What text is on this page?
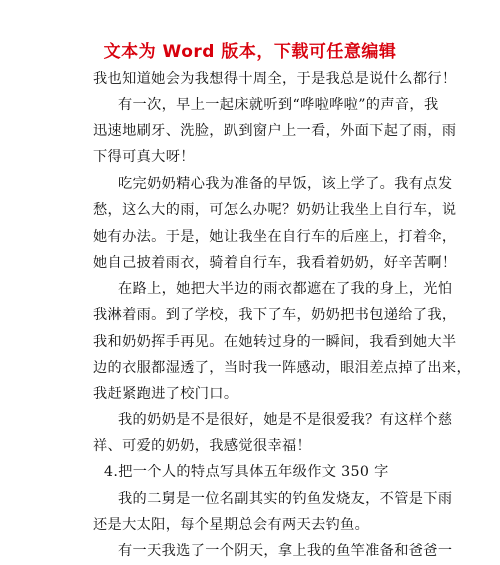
文本为 Word 版本，下载可任意编辑
我也知道她会为我想得十周全，于是我总是说什么都行！
有一次，早上一起床就听到“哗啦哗啦”的声音，我
迅速地刷牙、洗脸，趴到窗户上一看，外面下起了雨，雨
下得可真大呀！
吃完奶奶精心我为准备的早饭，该上学了。我有点发
愁，这么大的雨，可怎么办呢？奶奶让我坐上自行车，说
她有办法。于是，她让我坐在自行车的后座上，打着伞，
她自己披着雨衣，骑着自行车，我看着奶奶，好辛苦啊！
在路上，她把大半边的雨衣都遮在了我的身上，光怕
我淋着雨。到了学校，我下了车，奶奶把书包递给了我，
我和奶奶挥手再见。在她转过身的一瞬间，我看到她大半
边的衣服都湿透了，当时我一阵感动，眼泪差点掉了出来，
我赶紧跑进了校门口。
我的奶奶是不是很好，她是不是很爱我？有这样个慈
祥、可爱的奶奶，我感觉很幸福！
4.把一个人的特点写具体五年级作文 350 字
我的二舅是一位名副其实的钓鱼发烧友，不管是下雨
还是大太阳，每个星期总会有两天去钓鱼。
有一天我选了一个阴天，拿上我的鱼竿准备和爸爸一
